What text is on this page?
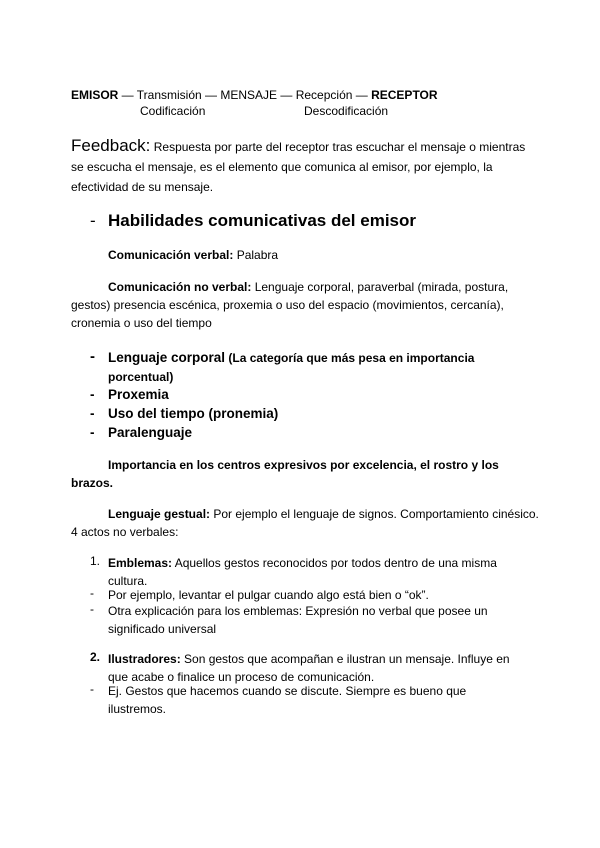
EMISOR — Transmisión — MENSAJE — Recepción — RECEPTOR
Codificación	Descodificación
Feedback: Respuesta por parte del receptor tras escuchar el mensaje o mientras se escucha el mensaje, es el elemento que comunica al emisor, por ejemplo, la efectividad de su mensaje.
- Habilidades comunicativas del emisor
Comunicación verbal: Palabra
Comunicación no verbal: Lenguaje corporal, paraverbal (mirada, postura, gestos) presencia escénica, proxemia o uso del espacio (movimientos, cercanía), cronemia o uso del tiempo
- Lenguaje corporal (La categoría que más pesa en importancia
porcentual)
- Proxemia
- Uso del tiempo (pronemia)
- Paralenguaje
Importancia en los centros expresivos por excelencia, el rostro y los brazos.
Lenguaje gestual: Por ejemplo el lenguaje de signos. Comportamiento cinésico. 4 actos no verbales:
1. Emblemas: Aquellos gestos reconocidos por todos dentro de una misma cultura.
- Por ejemplo, levantar el pulgar cuando algo está bien o “ok”.
- Otra explicación para los emblemas: Expresión no verbal que posee un significado universal
2. Ilustradores: Son gestos que acompañan e ilustran un mensaje. Influye en que acabe o finalice un proceso de comunicación.
- Ej. Gestos que hacemos cuando se discute. Siempre es bueno que ilustremos.
